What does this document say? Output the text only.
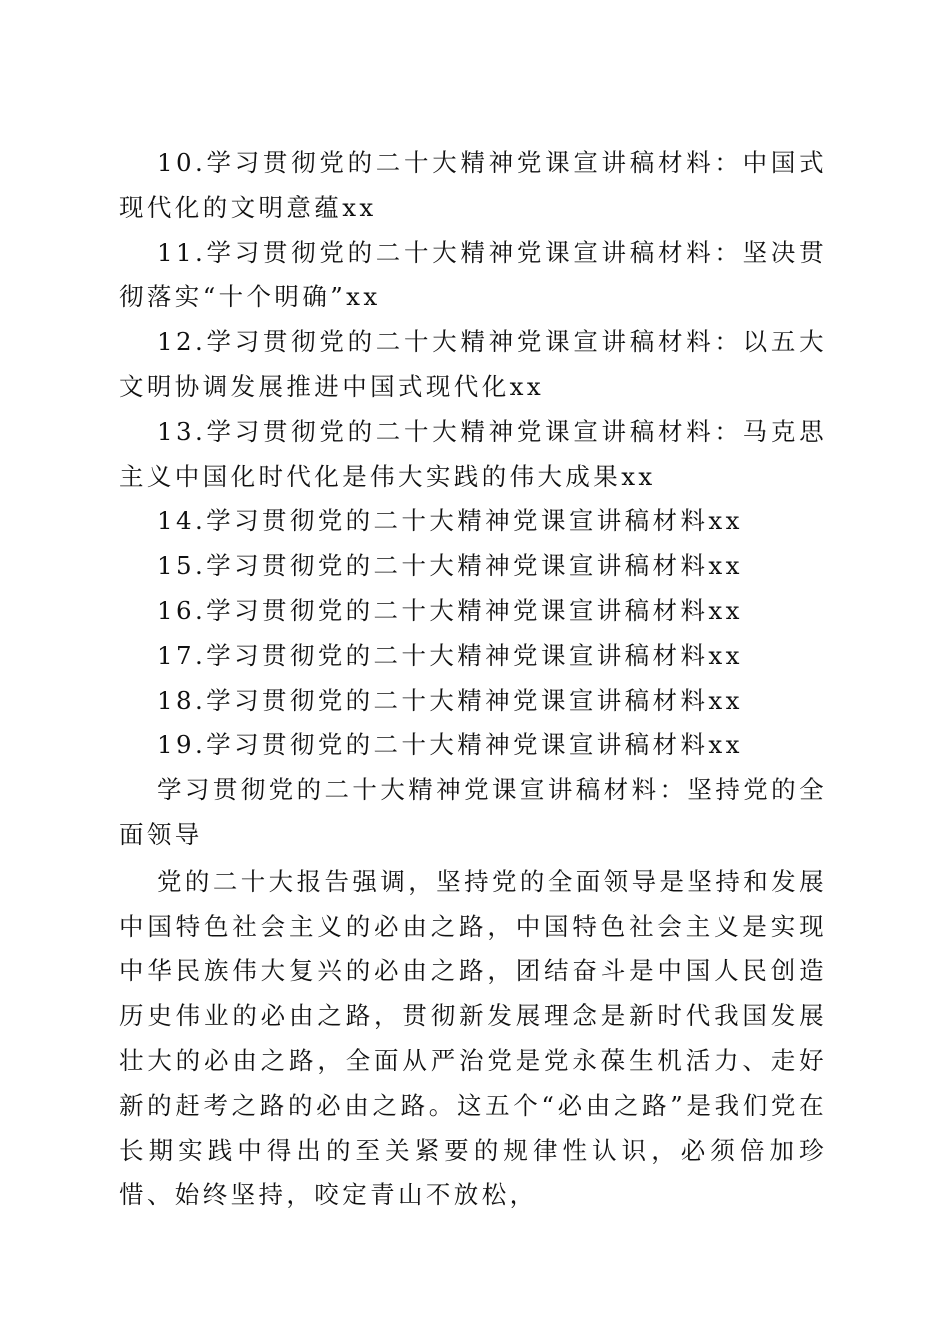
10.学习贯彻党的二十大精神党课宣讲稿材料：中国式现代化的文明意蕴xx

11.学习贯彻党的二十大精神党课宣讲稿材料：坚决贯彻落实“十个明确”xx

12.学习贯彻党的二十大精神党课宣讲稿材料：以五大文明协调发展推进中国式现代化xx

13.学习贯彻党的二十大精神党课宣讲稿材料：马克思主义中国化时代化是伟大实践的伟大成果xx

14.学习贯彻党的二十大精神党课宣讲稿材料xx

15.学习贯彻党的二十大精神党课宣讲稿材料xx

16.学习贯彻党的二十大精神党课宣讲稿材料xx

17.学习贯彻党的二十大精神党课宣讲稿材料xx

18.学习贯彻党的二十大精神党课宣讲稿材料xx

19.学习贯彻党的二十大精神党课宣讲稿材料xx

学习贯彻党的二十大精神党课宣讲稿材料：坚持党的全面领导

党的二十大报告强调，坚持党的全面领导是坚持和发展中国特色社会主义的必由之路，中国特色社会主义是实现中华民族伟大复兴的必由之路，团结奋斗是中国人民创造历史伟业的必由之路，贯彻新发展理念是新时代我国发展壮大的必由之路，全面从严治党是党永葆生机活力、走好新的赶考之路的必由之路。这五个“必由之路”是我们党在长期实践中得出的至关紧要的规律性认识，必须倍加珍惜、始终坚持，咬定青山不放松，
